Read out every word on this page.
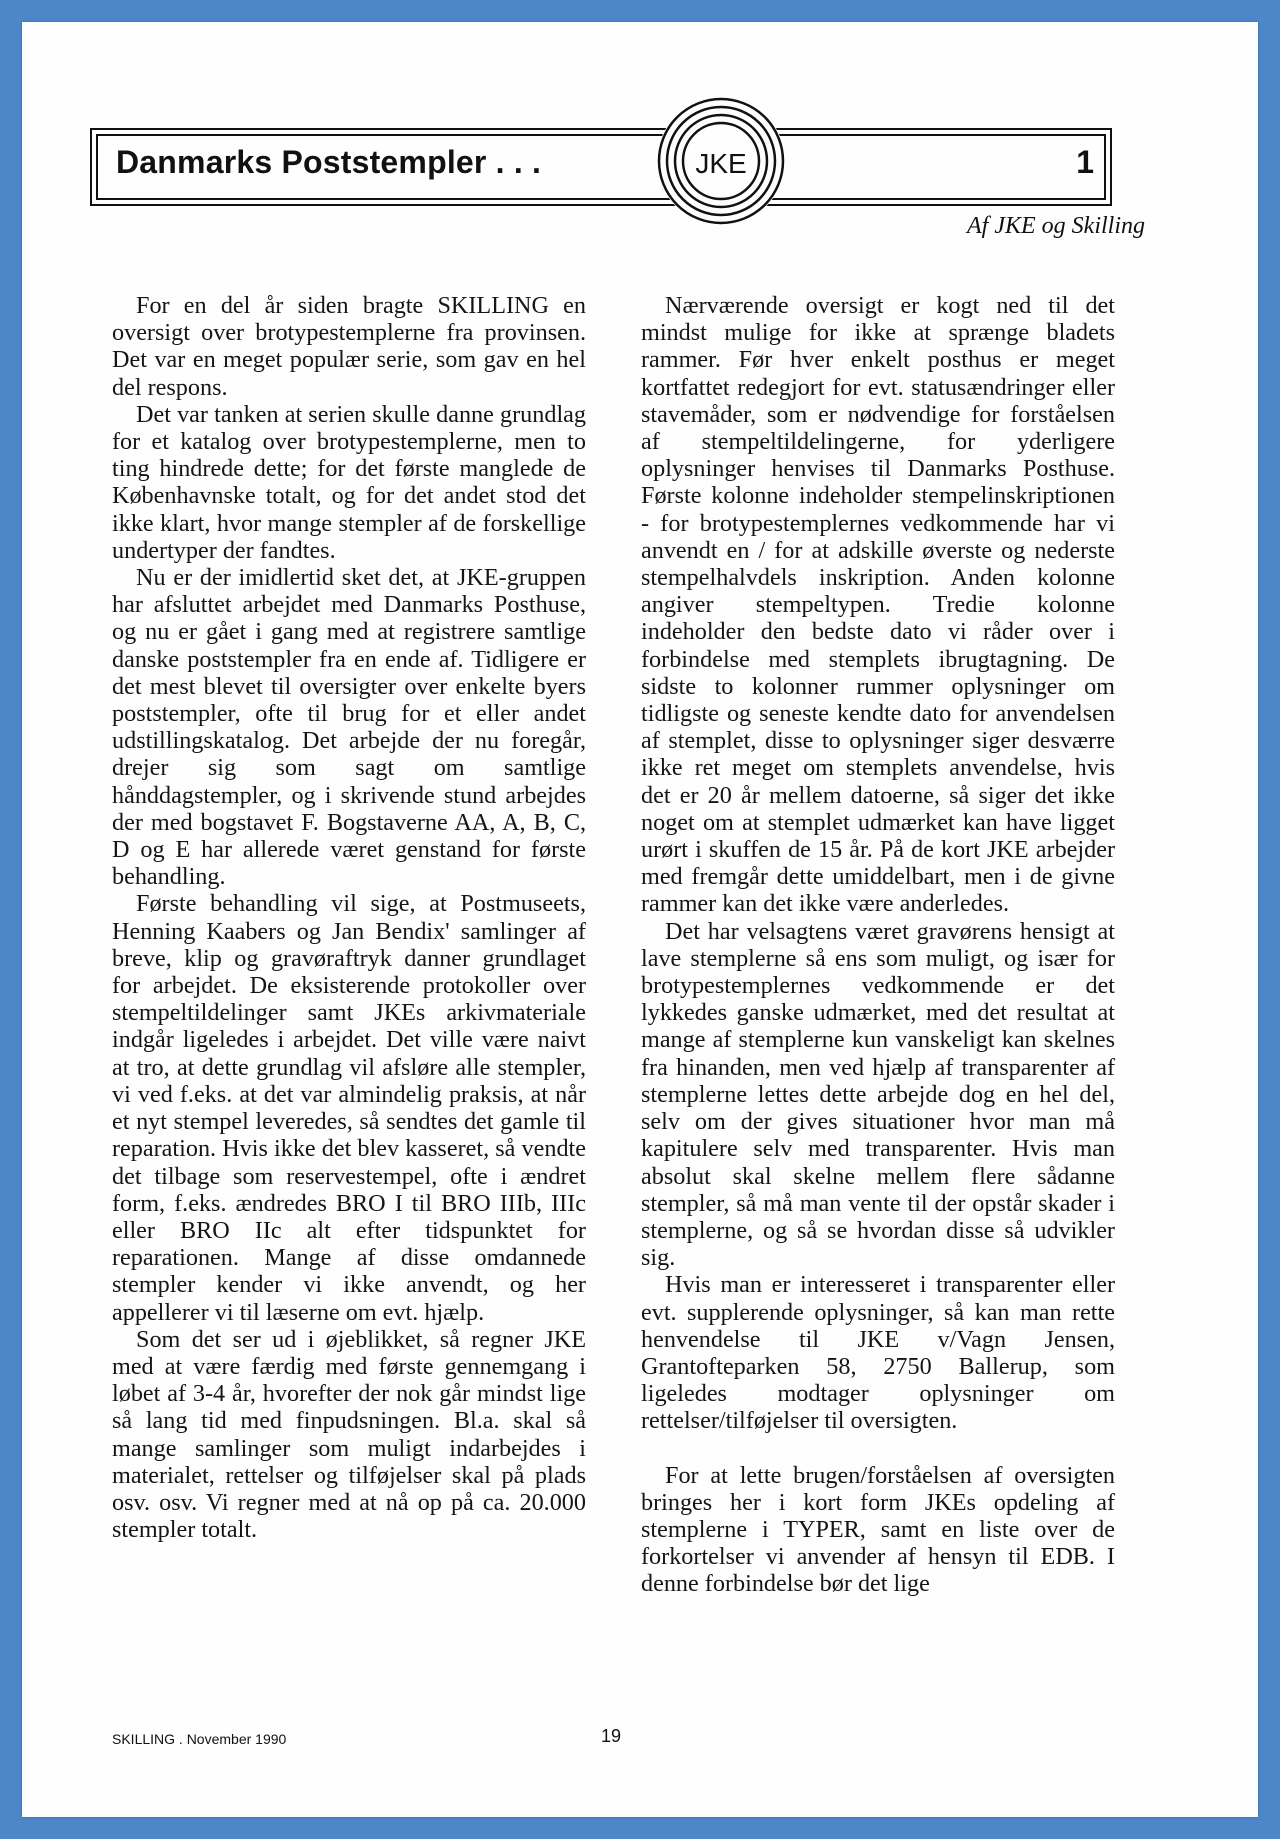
Danmarks Poststempler . . .	1
JKE
Af JKE og Skilling

For en del år siden bragte SKILLING en oversigt over brotypestemplerne fra provinsen. Det var en meget populær serie, som gav en hel del respons.

Det var tanken at serien skulle danne grundlag for et katalog over brotypestemplerne, men to ting hindrede dette; for det første manglede de Københavnske totalt, og for det andet stod det ikke klart, hvor mange stempler af de forskellige undertyper der fandtes.

Nu er der imidlertid sket det, at JKE-gruppen har afsluttet arbejdet med Danmarks Posthuse, og nu er gået i gang med at registrere samtlige danske poststempler fra en ende af. Tidligere er det mest blevet til oversigter over enkelte byers poststempler, ofte til brug for et eller andet udstillingskatalog. Det arbejde der nu foregår, drejer sig som sagt om samtlige hånddagstempler, og i skrivende stund arbejdes der med bogstavet F. Bogstaverne AA, A, B, C, D og E har allerede været genstand for første behandling.

Første behandling vil sige, at Postmuseets, Henning Kaabers og Jan Bendix' samlinger af breve, klip og gravøraftryk danner grundlaget for arbejdet. De eksisterende protokoller over stempeltildelinger samt JKEs arkivmateriale indgår ligeledes i arbejdet. Det ville være naivt at tro, at dette grundlag vil afsløre alle stempler, vi ved f.eks. at det var almindelig praksis, at når et nyt stempel leveredes, så sendtes det gamle til reparation. Hvis ikke det blev kasseret, så vendte det tilbage som reservestempel, ofte i ændret form, f.eks. ændredes BRO I til BRO IIIb, IIIc eller BRO IIc alt efter tidspunktet for reparationen. Mange af disse omdannede stempler kender vi ikke anvendt, og her appellerer vi til læserne om evt. hjælp.

Som det ser ud i øjeblikket, så regner JKE med at være færdig med første gennemgang i løbet af 3-4 år, hvorefter der nok går mindst lige så lang tid med finpudsningen. Bl.a. skal så mange samlinger som muligt indarbejdes i materialet, rettelser og tilføjelser skal på plads osv. osv. Vi regner med at nå op på ca. 20.000 stempler totalt.

Nærværende oversigt er kogt ned til det mindst mulige for ikke at sprænge bladets rammer. Før hver enkelt posthus er meget kortfattet redegjort for evt. statusændringer eller stavemåder, som er nødvendige for forståelsen af stempeltildelingerne, for yderligere oplysninger henvises til Danmarks Posthuse. Første kolonne indeholder stempelinskriptionen - for brotypestemplernes vedkommende har vi anvendt en / for at adskille øverste og nederste stempelhalvdels inskription. Anden kolonne angiver stempeltypen. Tredie kolonne indeholder den bedste dato vi råder over i forbindelse med stemplets ibrugtagning. De sidste to kolonner rummer oplysninger om tidligste og seneste kendte dato for anvendelsen af stemplet, disse to oplysninger siger desværre ikke ret meget om stemplets anvendelse, hvis det er 20 år mellem datoerne, så siger det ikke noget om at stemplet udmærket kan have ligget urørt i skuffen de 15 år. På de kort JKE arbejder med fremgår dette umiddelbart, men i de givne rammer kan det ikke være anderledes.

Det har velsagtens været gravørens hensigt at lave stemplerne så ens som muligt, og især for brotypestemplernes vedkommende er det lykkedes ganske udmærket, med det resultat at mange af stemplerne kun vanskeligt kan skelnes fra hinanden, men ved hjælp af transparenter af stemplerne lettes dette arbejde dog en hel del, selv om der gives situationer hvor man må kapitulere selv med transparenter. Hvis man absolut skal skelne mellem flere sådanne stempler, så må man vente til der opstår skader i stemplerne, og så se hvordan disse så udvikler sig.

Hvis man er interesseret i transparenter eller evt. supplerende oplysninger, så kan man rette henvendelse til JKE v/Vagn Jensen, Grantofteparken 58, 2750 Ballerup, som ligeledes modtager oplysninger om rettelser/tilføjelser til oversigten.

For at lette brugen/forståelsen af oversigten bringes her i kort form JKEs opdeling af stemplerne i TYPER, samt en liste over de forkortelser vi anvender af hensyn til EDB. I denne forbindelse bør det lige

SKILLING . November 1990	19
